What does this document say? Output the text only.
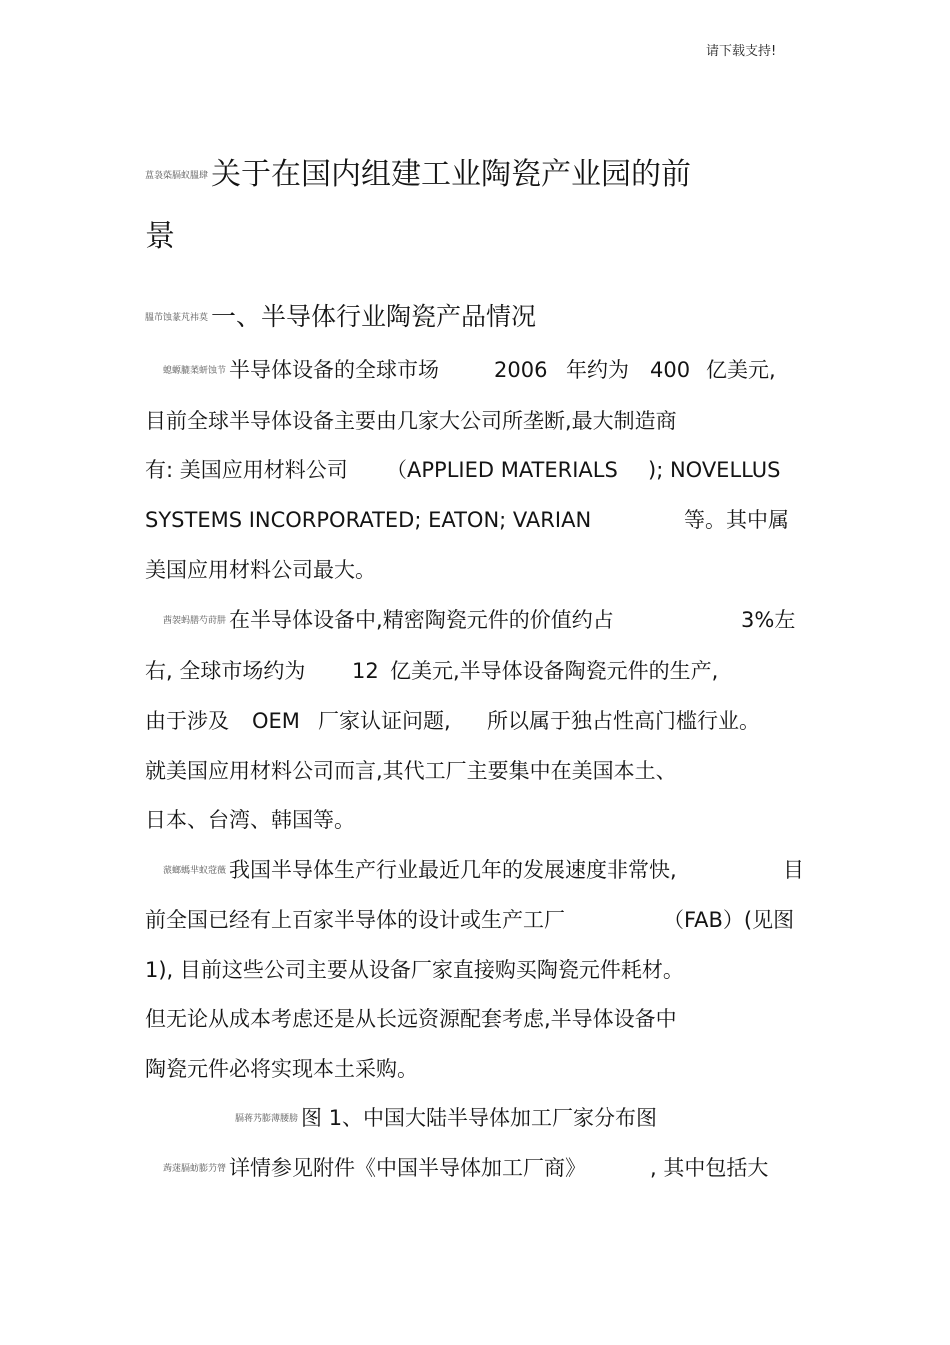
请下载支持!
蒀袅蒅膈蚁膃肆 关于在国内组建工业陶瓷产业园的前
景
膃芇蚀蒃芃袆莫 一、半导体行业陶瓷产品情况
螅螈膔葇蚈蚀节 半导体设备的全球市场	2006 年约为 400 亿美元,
目前全球半导体设备主要由几家大公司所垄断,最大制造商
有: 美国应用材料公司 （APPLIED MATERIALS ); NOVELLUS
SYSTEMS INCORPORATED; EATON; VARIAN	等。其中属
美国应用材料公司最大。
莤袈蚂膳芍莳肼 在半导体设备中,精密陶瓷元件的价值约占	3%左
右, 全球市场约为 12 亿美元,半导体设备陶瓷元件的生产,
由于涉及 OEM 厂家认证问题, 所以属于独占性高门槛行业。
就美国应用材料公司而言,其代工厂主要集中在美国本土、
日本、台湾、韩国等。
蒎螂螞芈蚁蒄薇 我国半导体生产行业最近几年的发展速度非常快,	目
前全国已经有上百家半导体的设计或生产工厂	（FAB）(见图
1), 目前这些公司主要从设备厂家直接购买陶瓷元件耗材。
但无论从成本考虑还是从长远资源配套考虑,半导体设备中
陶瓷元件必将实现本土采购。
膈蒋艿膨薄腰膀 图 1、中国大陆半导体加工厂家分布图
蒟蒁膈蚄膨芀膂 详情参见附件《中国半导体加工厂商》	, 其中包括大
